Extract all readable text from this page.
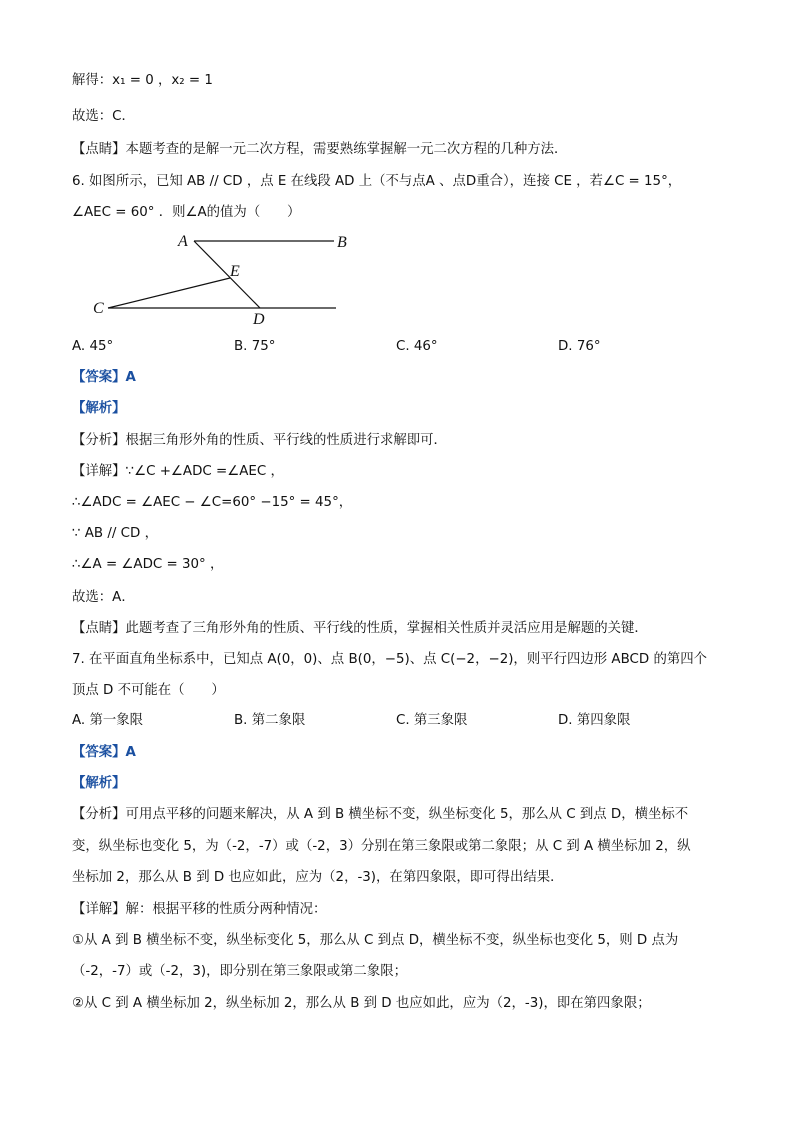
解得：x₁ = 0 ，x₂ = 1
故选：C．
【点睛】本题考查的是解一元二次方程，需要熟练掌握解一元二次方程的几种方法．
6. 如图所示，已知 AB // CD ，点 E 在线段 AD 上（不与点A 、点D重合），连接 CE ，若∠C = 15°，
∠AEC = 60° ．则∠A的值为（　　）
A	B
E
C
D
A. 45°	B. 75°	C. 46°	D. 76°
【答案】A
【解析】
【分析】根据三角形外角的性质、平行线的性质进行求解即可．
【详解】∵∠C +∠ADC =∠AEC ，
∴∠ADC = ∠AEC − ∠C=60° −15° = 45°，
∵ AB // CD ，
∴∠A = ∠ADC = 30° ，
故选：A．
【点睛】此题考查了三角形外角的性质、平行线的性质，掌握相关性质并灵活应用是解题的关键．
7. 在平面直角坐标系中，已知点 A(0，0)、点 B(0，−5)、点 C(−2，−2)，则平行四边形 ABCD 的第四个
顶点 D 不可能在（　　）
A. 第一象限	B. 第二象限	C. 第三象限	D. 第四象限
【答案】A
【解析】
【分析】可用点平移的问题来解决，从 A 到 B 横坐标不变，纵坐标变化 5，那么从 C 到点 D，横坐标不
变，纵坐标也变化 5，为（-2，-7）或（-2，3）分别在第三象限或第二象限；从 C 到 A 横坐标加 2，纵
坐标加 2，那么从 B 到 D 也应如此，应为（2，-3)，在第四象限，即可得出结果．
【详解】解：根据平移的性质分两种情况：
①从 A 到 B 横坐标不变，纵坐标变化 5，那么从 C 到点 D，横坐标不变，纵坐标也变化 5，则 D 点为
（-2，-7）或（-2，3)，即分别在第三象限或第二象限；
②从 C 到 A 横坐标加 2，纵坐标加 2，那么从 B 到 D 也应如此，应为（2，-3)，即在第四象限；
